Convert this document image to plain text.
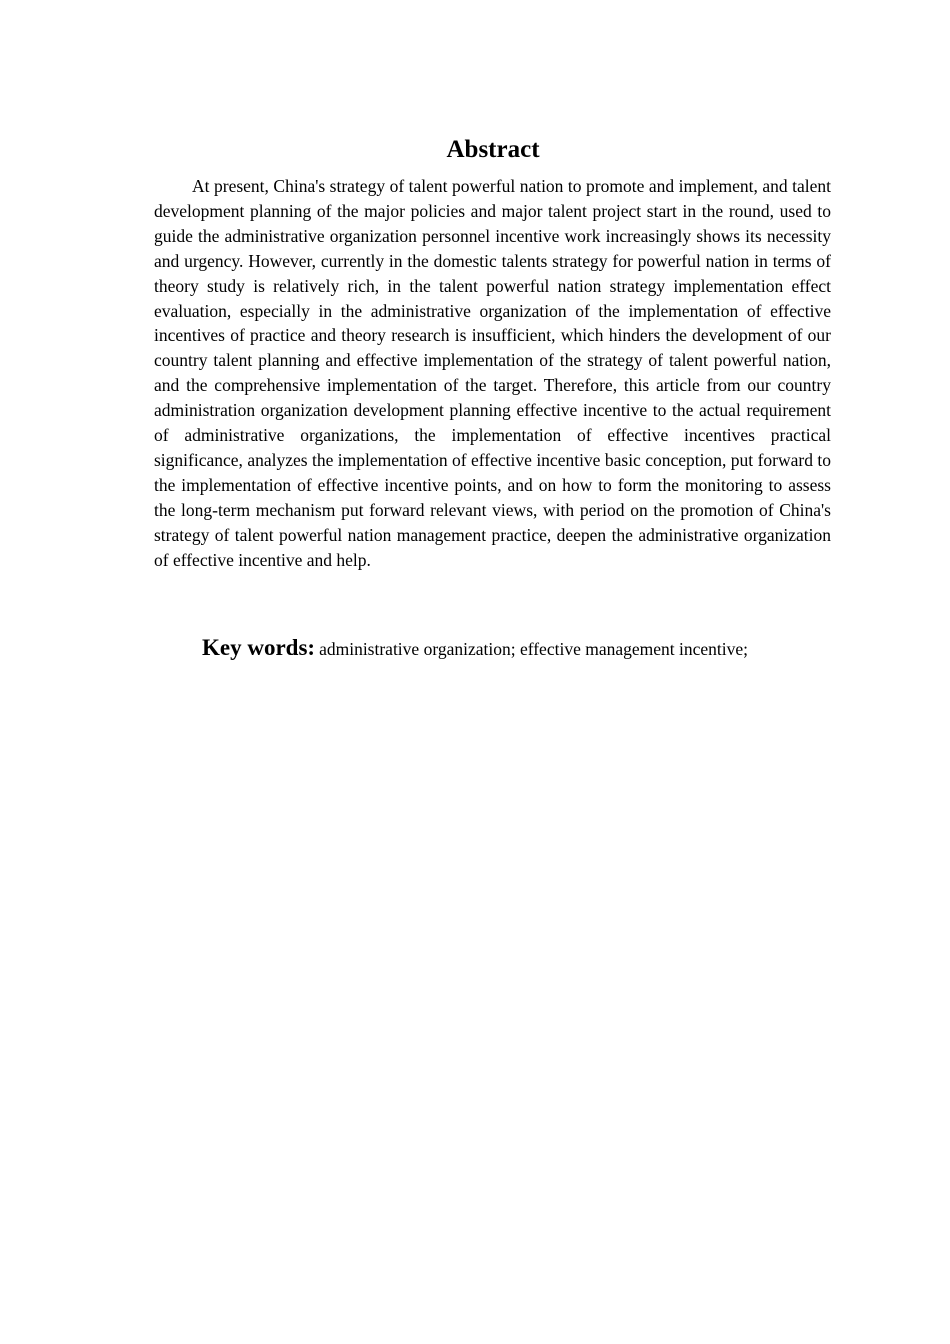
Abstract

At present, China's strategy of talent powerful nation to promote and implement, and talent development planning of the major policies and major talent project start in the round, used to guide the administrative organization personnel incentive work increasingly shows its necessity and urgency. However, currently in the domestic talents strategy for powerful nation in terms of theory study is relatively rich, in the talent powerful nation strategy implementation effect evaluation, especially in the administrative organization of the implementation of effective incentives of practice and theory research is insufficient, which hinders the development of our country talent planning and effective implementation of the strategy of talent powerful nation, and the comprehensive implementation of the target. Therefore, this article from our country administration organization development planning effective incentive to the actual requirement of administrative organizations, the implementation of effective incentives practical significance, analyzes the implementation of effective incentive basic conception, put forward to the implementation of effective incentive points, and on how to form the monitoring to assess the long-term mechanism put forward relevant views, with period on the promotion of China's strategy of talent powerful nation management practice, deepen the administrative organization of effective incentive and help.

Key words: administrative organization; effective management incentive;
